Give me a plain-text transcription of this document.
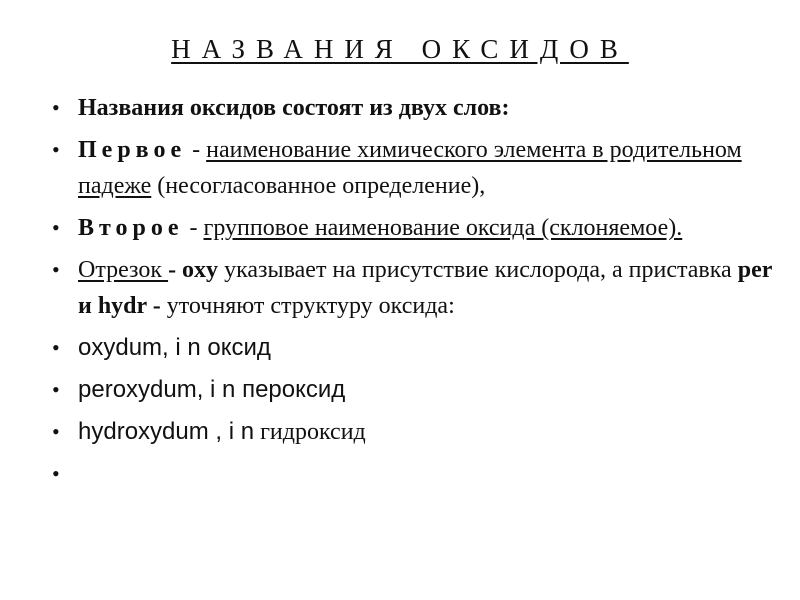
НАЗВАНИЯ ОКСИДОВ
• Названия оксидов состоят из двух слов:
• Первое - наименование химического элемента в родительном падеже (несогласованное определение),
• Второе - групповое наименование оксида (склоняемое).
• Отрезок - oxy указывает на присутствие кислорода, а приставка per и hydr - уточняют структуру оксида:
• oxydum, i n оксид
• peroxydum, i n пероксид
• hydroxydum , i n гидроксид
•
